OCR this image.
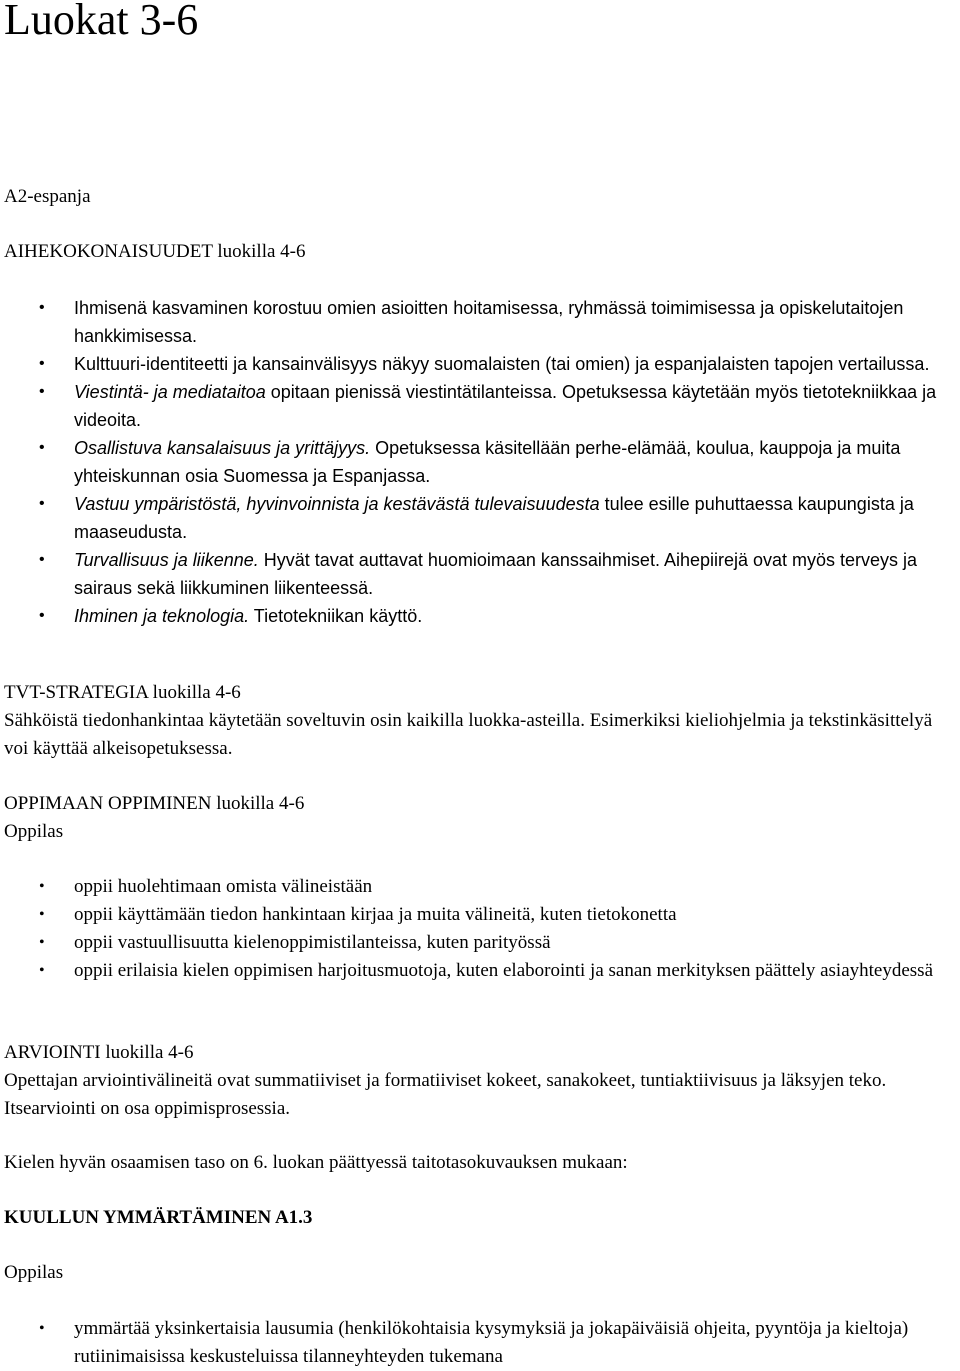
Luokat 3-6
A2-espanja
AIHEKOKONAISUUDET luokilla 4-6
• Ihmisenä kasvaminen korostuu omien asioitten hoitamisessa, ryhmässä toimimisessa ja opiskelutaitojen hankkimisessa.
• Kulttuuri-identiteetti ja kansainvälisyys näkyy suomalaisten (tai omien) ja espanjalaisten tapojen vertailussa.
• Viestintä- ja mediataitoa opitaan pienissä viestintätilanteissa. Opetuksessa käytetään myös tietotekniikkaa ja videoita.
• Osallistuva kansalaisuus ja yrittäjyys. Opetuksessa käsitellään perhe-elämää, koulua, kauppoja ja muita yhteiskunnan osia Suomessa ja Espanjassa.
• Vastuu ympäristöstä, hyvinvoinnista ja kestävästä tulevaisuudesta tulee esille puhuttaessa kaupungista ja maaseudusta.
• Turvallisuus ja liikenne. Hyvät tavat auttavat huomioimaan kanssaihmiset. Aihepiirejä ovat myös terveys ja sairaus sekä liikkuminen liikenteessä.
• Ihminen ja teknologia. Tietotekniikan käyttö.
TVT-STRATEGIA luokilla 4-6
Sähköistä tiedonhankintaa käytetään soveltuvin osin kaikilla luokka-asteilla. Esimerkiksi kieliohjelmia ja tekstinkäsittelyä voi käyttää alkeisopetuksessa.
OPPIMAAN OPPIMINEN luokilla 4-6
Oppilas
• oppii huolehtimaan omista välineistään
• oppii käyttämään tiedon hankintaan kirjaa ja muita välineitä, kuten tietokonetta
• oppii vastuullisuutta kielenoppimistilanteissa, kuten parityössä
• oppii erilaisia kielen oppimisen harjoitusmuotoja, kuten elaborointi ja sanan merkityksen päättely asiayhteydessä
ARVIOINTI luokilla 4-6
Opettajan arviointivälineitä ovat summatiiviset ja formatiiviset kokeet, sanakokeet, tuntiaktiivisuus ja läksyjen teko. Itsearviointi on osa oppimisprosessia.
Kielen hyvän osaamisen taso on 6. luokan päättyessä taitotasokuvauksen mukaan:
KUULLUN YMMÄRTÄMINEN A1.3
Oppilas
• ymmärtää yksinkertaisia lausumia (henkilökohtaisia kysymyksiä ja jokapäiväisiä ohjeita, pyyntöja ja kieltoja) rutiinimaisissa keskusteluissa tilanneyhteyden tukemana
